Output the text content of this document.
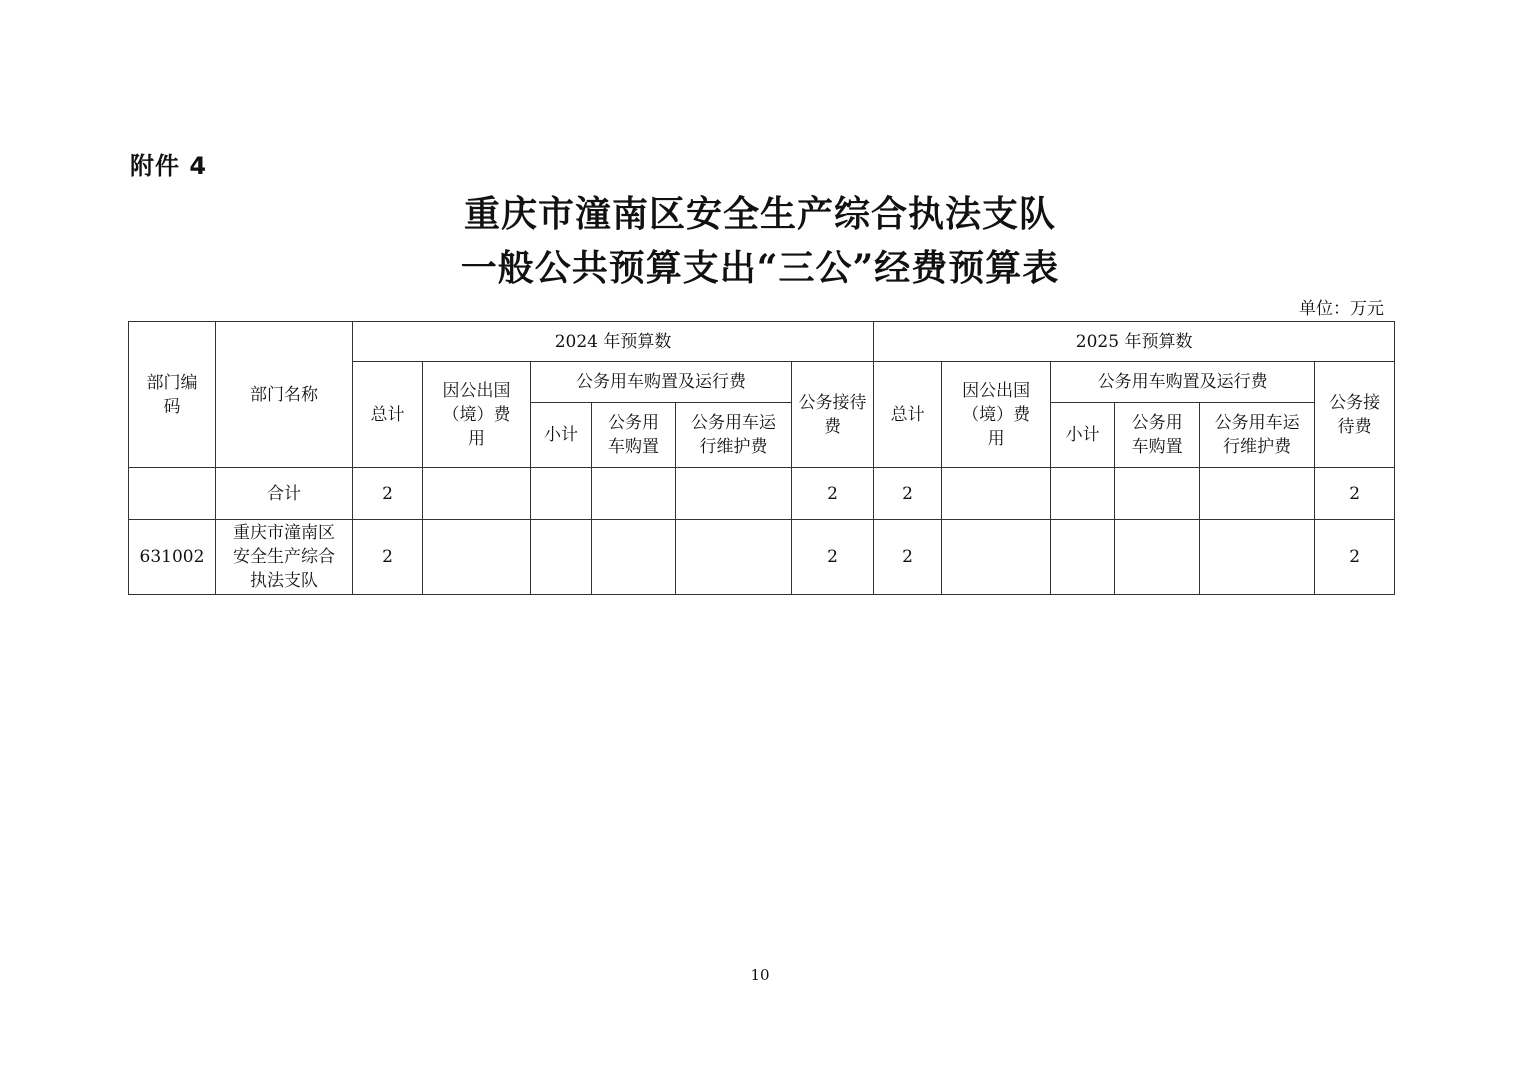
附件 4
重庆市潼南区安全生产综合执法支队
一般公共预算支出“三公”经费预算表
单位：万元
部门编码	部门名称	2024 年预算数						2025 年预算数					
		总计	因公出国（境）费用	公务用车购置及运行费			公务接待费	总计	因公出国（境）费用	公务用车购置及运行费			公务接待费
				小计	公务用车购置	公务用车运行维护费				小计	公务用车购置	公务用车运行维护费	
	合计	2					2	2					2
631002	重庆市潼南区安全生产综合执法支队	2					2	2					2
10
